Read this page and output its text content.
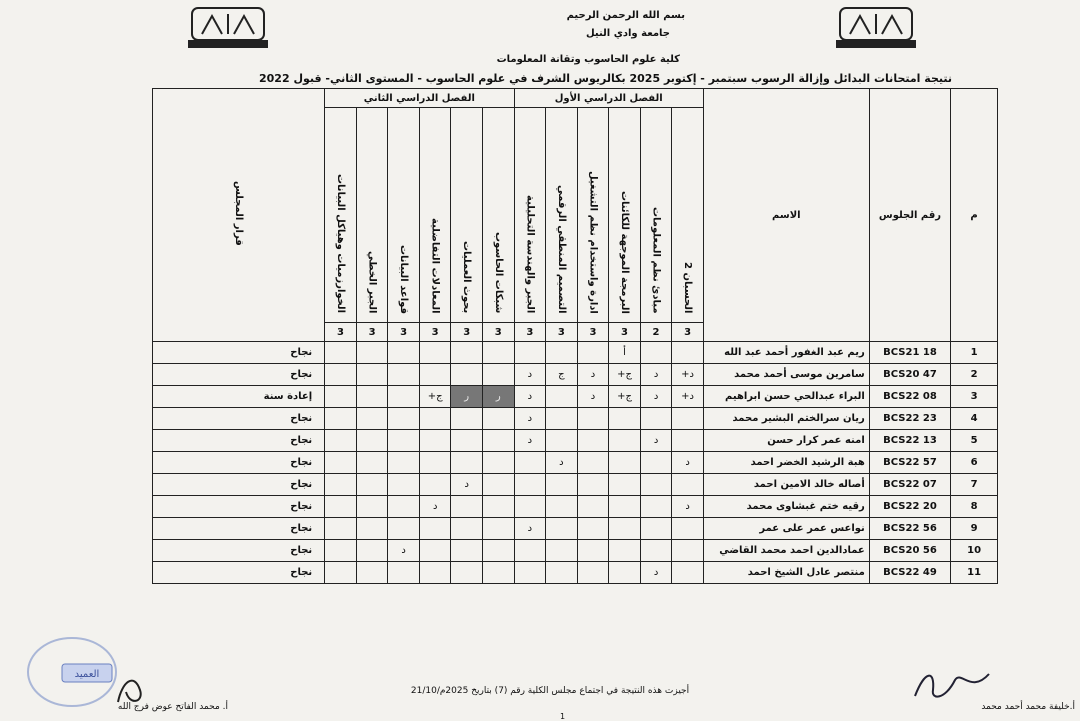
بسم الله الرحمن الرحيم
جامعة وادي النيل
كلية علوم الحاسوب وتقانة المعلومات
نتيجة امتحانات البدائل وإزالة الرسوب سبتمبر - إكتوبر 2025 بكالريوس الشرف في علوم الحاسوب - المستوى الثاني- قبول 2022
م	رقم الجلوس	الاسم	الفصل الدراسي الأول						الفصل الدراسي الثاني						قرار المجلس
			الحسبان 2	مبادئ نظم المعلومات	البرمجة الموجهة للكائنات	ادارة واستخدام نظم التشغيل	التصميم المنطقي الرقمي	الجبر والهندسة التحليلية	شبكات الحاسوب	بحوث العمليات	المعادلات التفاضلية	قواعد البيانات	الجبر الخطي	الخوارزميات وهياكل البيانات	
			3	2	3	3	3	3	3	3	3	3	3	3	
1	BCS21 18	ريم عبد الغفور أحمد عبد الله			أ										نجاح
2	BCS20 47	سامرين موسى أحمد محمد	د+	د	ج+	د	ج	د							نجاح
3	BCS22 08	البراء عبدالحي حسن ابراهيم	د+	د	ج+	د		د	ر	ر	ج+				إعادة سنة
4	BCS22 23	ريان سرالختم البشير محمد						د							نجاح
5	BCS22 13	امنه عمر كرار حسن		د				د							نجاح
6	BCS22 57	هبة الرشيد الخضر احمد	د				د								نجاح
7	BCS22 07	أصاله خالد الامين احمد								د					نجاح
8	BCS22 20	رقيه ختم غبشاوى محمد	د								د				نجاح
9	BCS22 56	نواعس عمر على عمر						د							نجاح
10	BCS20 56	عمادالدين احمد محمد القاضي										د			نجاح
11	BCS22 49	منتصر عادل الشيخ احمد		د											نجاح
أجيزت هذه النتيجة في اجتماع مجلس الكلية رقم (7) بتاريخ 2025م/21/10
العميد
أ. محمد الفاتح عوض فرج الله	أ.خليفة محمد أحمد محمد
1
